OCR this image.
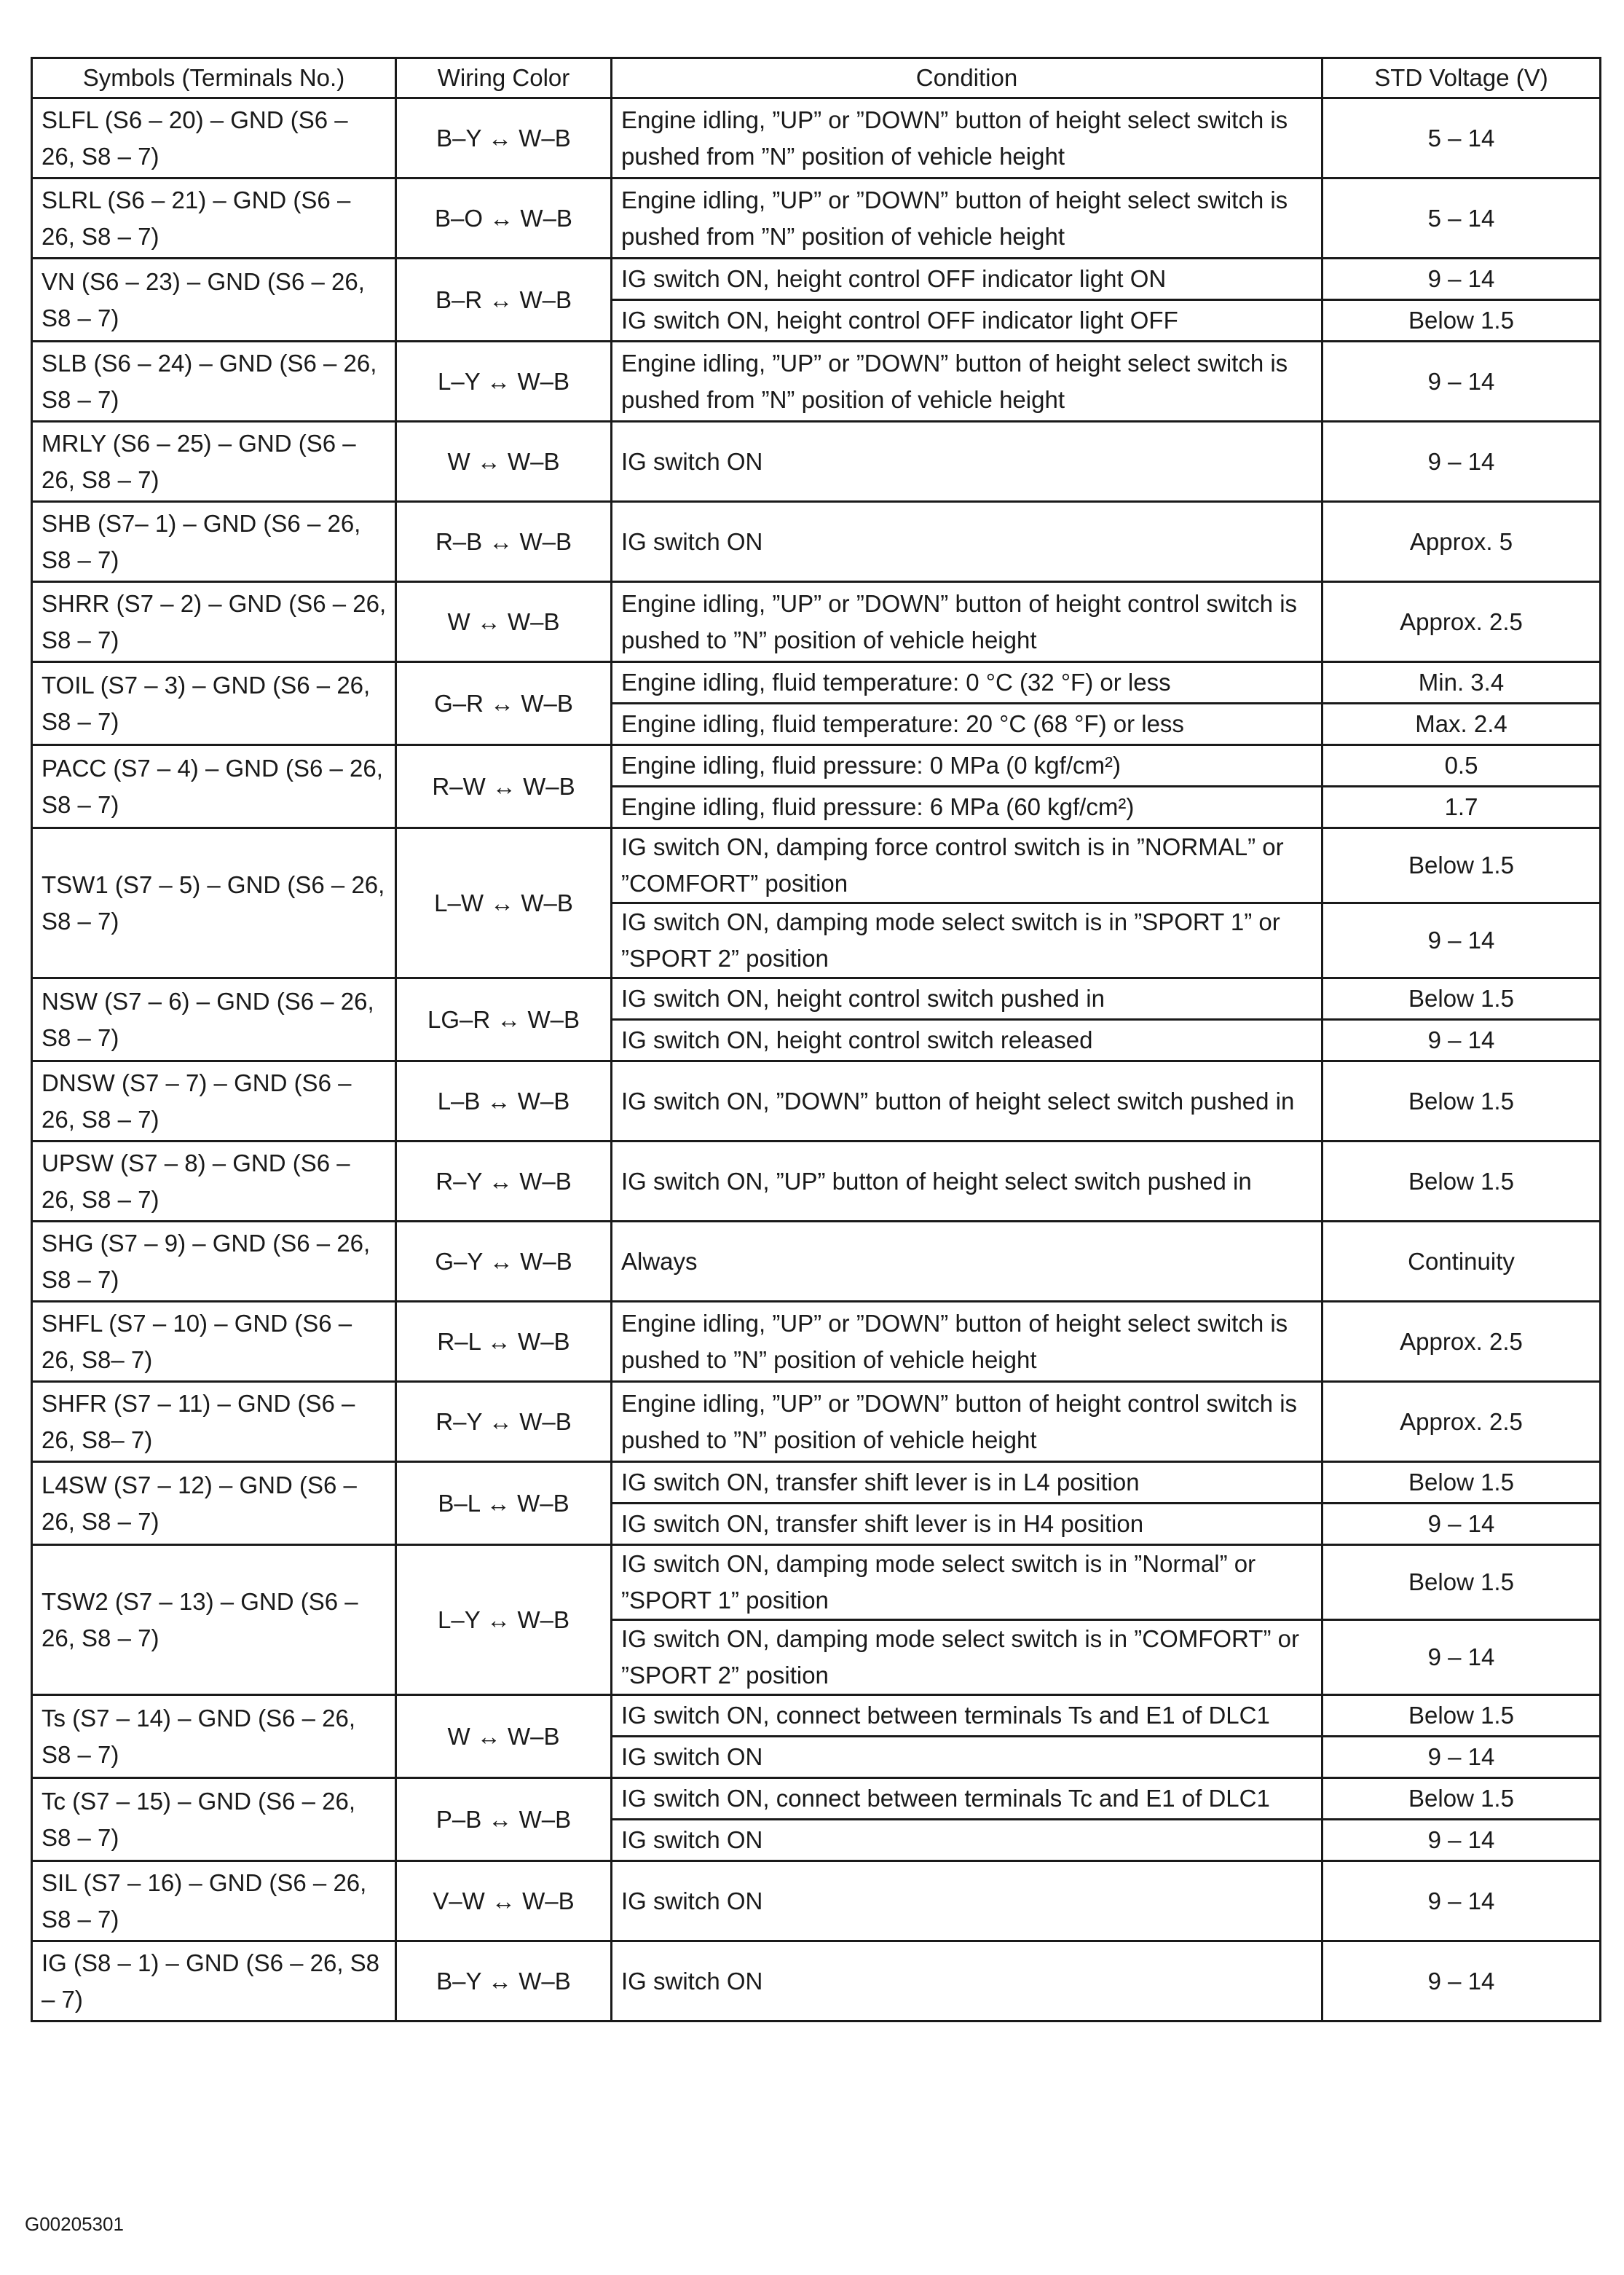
Symbols (Terminals No.)	Wiring Color	Condition	STD Voltage (V)
SLFL (S6 – 20) – GND (S6 – 26, S8 – 7)	B–Y ↔ W–B	Engine idling, ”UP” or ”DOWN” button of height select switch is pushed from ”N” position of vehicle height	5 – 14
SLRL (S6 – 21) – GND (S6 – 26, S8 – 7)	B–O ↔ W–B	Engine idling, ”UP” or ”DOWN” button of height select switch is pushed from ”N” position of vehicle height	5 – 14
VN (S6 – 23) – GND (S6 – 26, S8 – 7)	B–R ↔ W–B	IG switch ON, height control OFF indicator light ON	9 – 14
		IG switch ON, height control OFF indicator light OFF	Below 1.5
SLB (S6 – 24) – GND (S6 – 26, S8 – 7)	L–Y ↔ W–B	Engine idling, ”UP” or ”DOWN” button of height select switch is pushed from ”N” position of vehicle height	9 – 14
MRLY (S6 – 25) – GND (S6 – 26, S8 – 7)	W ↔ W–B	IG switch ON	9 – 14
SHB (S7– 1) – GND (S6 – 26, S8 – 7)	R–B ↔ W–B	IG switch ON	Approx. 5
SHRR (S7 – 2) – GND (S6 – 26, S8 – 7)	W ↔ W–B	Engine idling, ”UP” or ”DOWN” button of height control switch is pushed to ”N” position of vehicle height	Approx. 2.5
TOIL (S7 – 3) – GND (S6 – 26, S8 – 7)	G–R ↔ W–B	Engine idling, fluid temperature: 0 °C (32 °F) or less	Min. 3.4
		Engine idling, fluid temperature: 20 °C (68 °F) or less	Max. 2.4
PACC (S7 – 4) – GND (S6 – 26, S8 – 7)	R–W ↔ W–B	Engine idling, fluid pressure: 0 MPa (0 kgf/cm²)	0.5
		Engine idling, fluid pressure: 6 MPa (60 kgf/cm²)	1.7
TSW1 (S7 – 5) – GND (S6 – 26, S8 – 7)	L–W ↔ W–B	IG switch ON, damping force control switch is in ”NORMAL” or ”COMFORT” position	Below 1.5
		IG switch ON, damping mode select switch is in ”SPORT 1” or ”SPORT 2” position	9 – 14
NSW (S7 – 6) – GND (S6 – 26, S8 – 7)	LG–R ↔ W–B	IG switch ON, height control switch pushed in	Below 1.5
		IG switch ON, height control switch released	9 – 14
DNSW (S7 – 7) – GND (S6 – 26, S8 – 7)	L–B ↔ W–B	IG switch ON, ”DOWN” button of height select switch pushed in	Below 1.5
UPSW (S7 – 8) – GND (S6 – 26, S8 – 7)	R–Y ↔ W–B	IG switch ON, ”UP” button of height select switch pushed in	Below 1.5
SHG (S7 – 9) – GND (S6 – 26, S8 – 7)	G–Y ↔ W–B	Always	Continuity
SHFL (S7 – 10) – GND (S6 – 26, S8– 7)	R–L ↔ W–B	Engine idling, ”UP” or ”DOWN” button of height select switch is pushed to ”N” position of vehicle height	Approx. 2.5
SHFR (S7 – 11) – GND (S6 – 26, S8– 7)	R–Y ↔ W–B	Engine idling, ”UP” or ”DOWN” button of height control switch is pushed to ”N” position of vehicle height	Approx. 2.5
L4SW (S7 – 12) – GND (S6 – 26, S8 – 7)	B–L ↔ W–B	IG switch ON, transfer shift lever is in L4 position	Below 1.5
		IG switch ON, transfer shift lever is in H4 position	9 – 14
TSW2 (S7 – 13) – GND (S6 – 26, S8 – 7)	L–Y ↔ W–B	IG switch ON, damping mode select switch is in ”Normal” or ”SPORT 1” position	Below 1.5
		IG switch ON, damping mode select switch is in ”COMFORT” or ”SPORT 2” position	9 – 14
Ts (S7 – 14) – GND (S6 – 26, S8 – 7)	W ↔ W–B	IG switch ON, connect between terminals Ts and E1 of DLC1	Below 1.5
		IG switch ON	9 – 14
Tc (S7 – 15) – GND (S6 – 26, S8 – 7)	P–B ↔ W–B	IG switch ON, connect between terminals Tc and E1 of DLC1	Below 1.5
		IG switch ON	9 – 14
SIL (S7 – 16) – GND (S6 – 26, S8 – 7)	V–W ↔ W–B	IG switch ON	9 – 14
IG (S8 – 1) – GND (S6 – 26, S8 – 7)	B–Y ↔ W–B	IG switch ON	9 – 14
G00205301
